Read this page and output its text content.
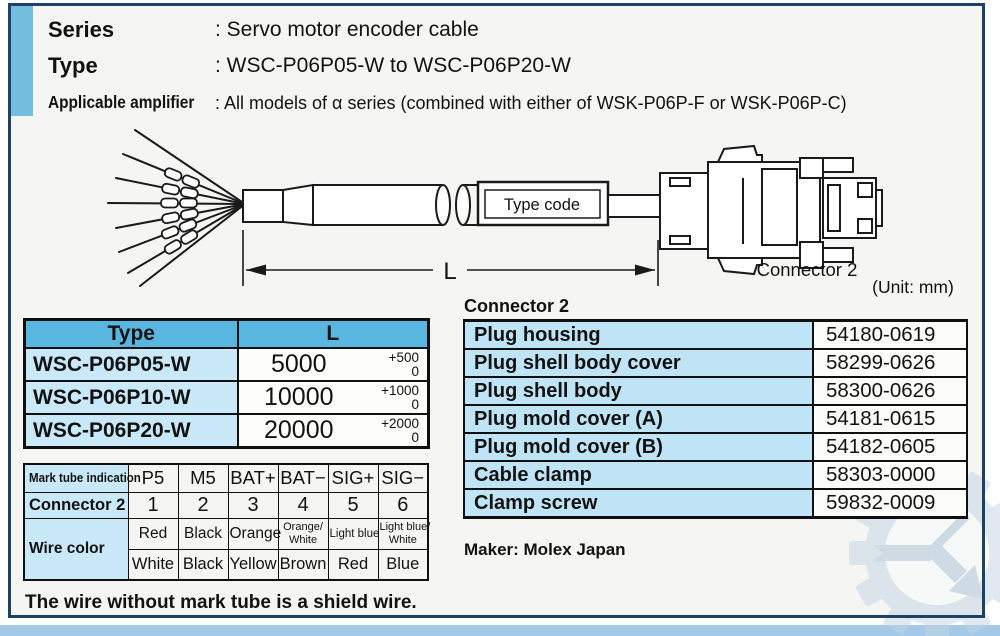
Series	: Servo motor encoder cable
Type	: WSC-P06P05-W to WSC-P06P20-W
Applicable amplifier : All models of α series (combined with either of WSK-P06P-F or WSK-P06P-C)
Type code
L	Connector 2
(Unit: mm)
Type	L
WSC-P06P05-W	5000 +500
0

WSC-P06P10-W	10000 +1000
0

WSC-P06P20-W	20000 +2000
0
Mark tube indication	P5	M5	BAT+	BAT−	SIG+	SIG−

Connector 2	1	2	3	4	5	6
Wire color	Red	Black	Orange	Orange/
White	Light blue	Light blue/
White

	White	Black	Yellow	Brown	Red	Blue
The wire without mark tube is a shield wire.
Connector 2
Plug housing	54180-0619
Plug shell body cover	58299-0626
Plug shell body	58300-0626
Plug mold cover (A)	54181-0615
Plug mold cover (B)	54182-0605
Cable clamp	58303-0000
Clamp screw	59832-0009
Maker: Molex Japan
